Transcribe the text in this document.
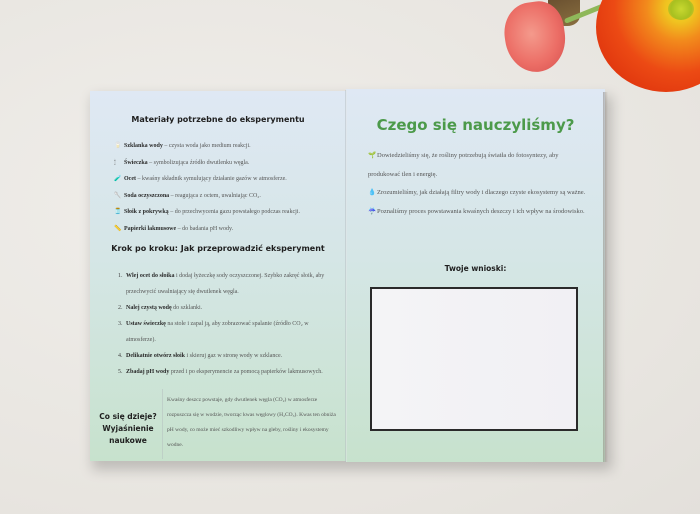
Materiały potrzebne do eksperymentu
🥛 Szklanka wody – czysta woda jako medium reakcji.
🕯 Świeczka – symbolizująca źródło dwutlenku węgla.
🧪 Ocet – kwaśny składnik symulujący działanie gazów w atmosferze.
🥄 Soda oczyszczona – reagująca z octem, uwalniając CO₂.
🫙 Słoik z pokrywką – do przechwycenia gazu powstałego podczas reakcji.
📏 Papierki lakmusowe – do badania pH wody.
Krok po kroku: Jak przeprowadzić eksperyment
1. Wlej ocet do słoika i dodaj łyżeczkę sody oczyszczonej. Szybko zakręć słoik, aby przechwycić uwalniający się dwutlenek węgla.
2. Nalej czystą wodę do szklanki.
3. Ustaw świeczkę na stole i zapal ją, aby zobrazować spalanie (źródło CO₂ w atmosferze).
4. Delikatnie otwórz słoik i skieruj gaz w stronę wody w szklance.
5. Zbadaj pH wody przed i po eksperymencie za pomocą papierków lakmusowych.
Co się dzieje?
Wyjaśnienie
naukowe
Kwaśny deszcz powstaje, gdy dwutlenek węgla (CO₂) w atmosferze rozpuszcza się w wodzie, tworząc kwas węglowy (H₂CO₃). Kwas ten obniża pH wody, co może mieć szkodliwy wpływ na gleby, rośliny i ekosystemy wodne.
Czego się nauczyliśmy?
🌱Dowiedzieliśmy się, że rośliny potrzebują światła do fotosyntezy, aby produkować tlen i energię.
💧Zrozumieliśmy, jak działają filtry wody i dlaczego czyste ekosystemy są ważne.
☔Poznaliśmy proces powstawania kwaśnych deszczy i ich wpływ na środowisko.
Twoje wnioski:
